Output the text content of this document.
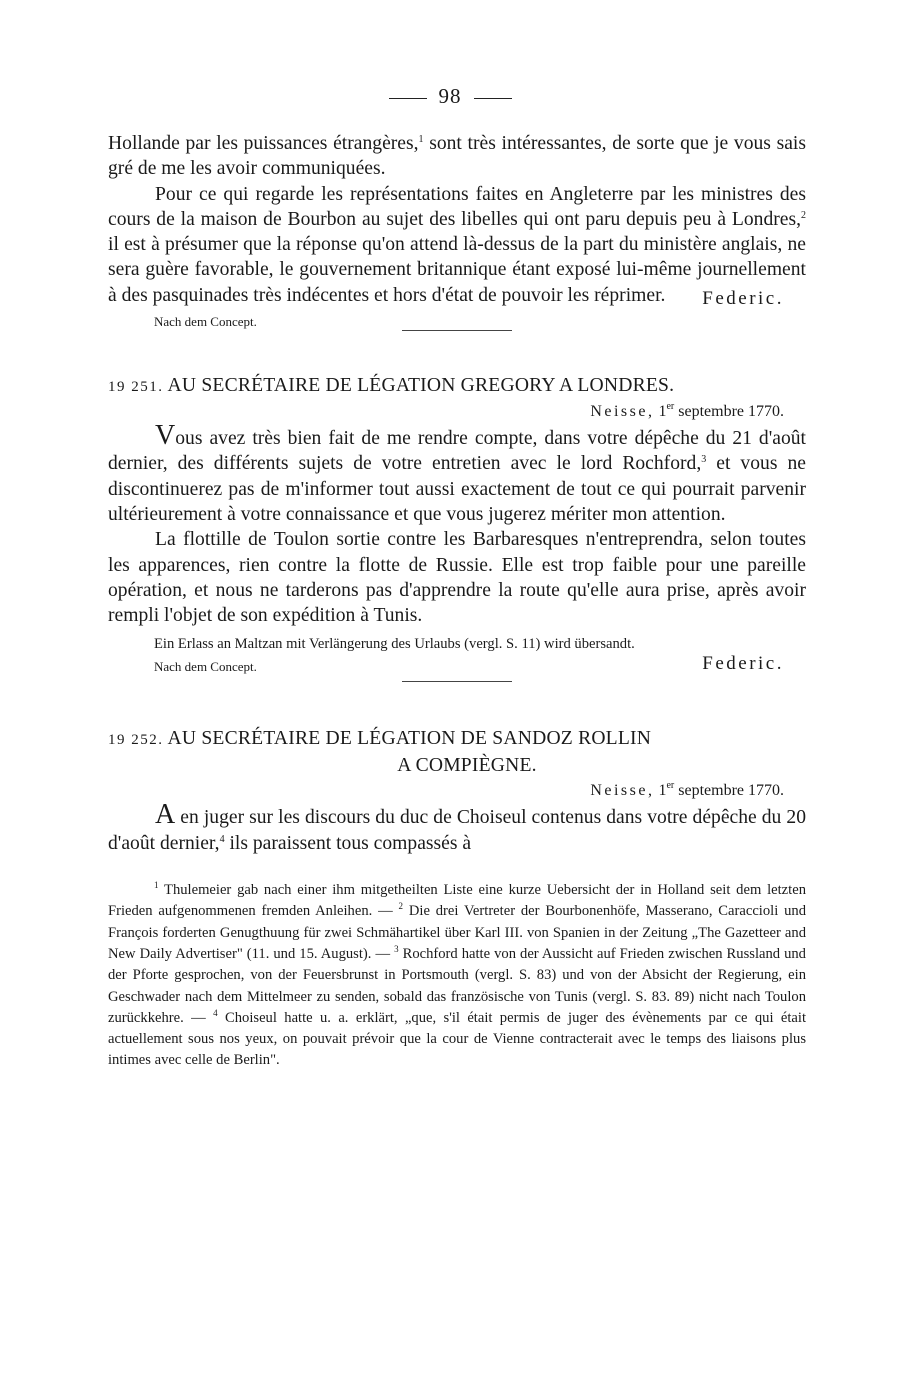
98

Hollande par les puissances étrangères,$^1$ sont très intéressantes, de sorte que je vous sais gré de me les avoir communiquées.

Pour ce qui regarde les représentations faites en Angleterre par les ministres des cours de la maison de Bourbon au sujet des libelles qui ont paru depuis peu à Londres,$^2$ il est à présumer que la réponse qu'on attend là-dessus de la part du ministère anglais, ne sera guère favorable, le gouvernement britannique étant exposé lui-même journellement à des pasquinades très indécentes et hors d'état de pouvoir les réprimer.

Nach dem Concept.
Federic.

19 251. AU SECRÉTAIRE DE LÉGATION GREGORY A LONDRES.

Neisse, 1er septembre 1770.

Vous avez très bien fait de me rendre compte, dans votre dépêche du 21 d'août dernier, des différents sujets de votre entretien avec le lord Rochford,$^3$ et vous ne discontinuerez pas de m'informer tout aussi exactement de tout ce qui pourrait parvenir ultérieurement à votre connaissance et que vous jugerez mériter mon attention.

La flottille de Toulon sortie contre les Barbaresques n'entreprendra, selon toutes les apparences, rien contre la flotte de Russie. Elle est trop faible pour une pareille opération, et nous ne tarderons pas d'apprendre la route qu'elle aura prise, après avoir rempli l'objet de son expédition à Tunis.

Ein Erlass an Maltzan mit Verlängerung des Urlaubs (vergl. S. 11) wird übersandt.

Nach dem Concept.	Federic.

19 252. AU SECRÉTAIRE DE LÉGATION DE SANDOZ ROLLIN

A COMPIÈGNE.

Neisse, 1er septembre 1770.

A en juger sur les discours du duc de Choiseul contenus dans votre dépêche du 20 d'août dernier,$^4$ ils paraissent tous compassés à

$^1$ Thulemeier gab nach einer ihm mitgetheilten Liste eine kurze Uebersicht der in Holland seit dem letzten Frieden aufgenommenen fremden Anleihen. — $^2$ Die drei Vertreter der Bourbonenhöfe, Masserano, Caraccioli und François forderten Genugthuung für zwei Schmähartikel über Karl III. von Spanien in der Zeitung „The Gazetteer and New Daily Advertiser" (11. und 15. August). — $^3$ Rochford hatte von der Aussicht auf Frieden zwischen Russland und der Pforte gesprochen, von der Feuersbrunst in Portsmouth (vergl. S. 83) und von der Absicht der Regierung, ein Geschwader nach dem Mittelmeer zu senden, sobald das französische von Tunis (vergl. S. 83. 89) nicht nach Toulon zurückkehre. — $^4$ Choiseul hatte u. a. erklärt, „que, s'il était permis de juger des évènements par ce qui était actuellement sous nos yeux, on pouvait prévoir que la cour de Vienne contracterait avec le temps des liaisons plus intimes avec celle de Berlin".
